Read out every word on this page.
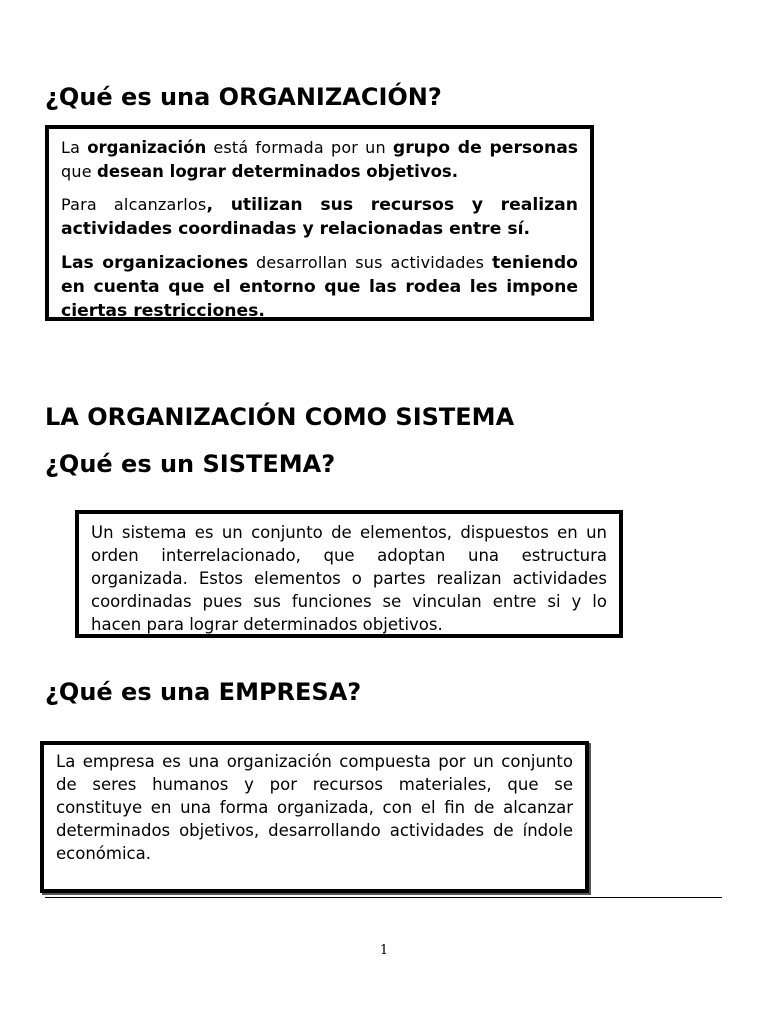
¿Qué es una ORGANIZACIÓN?

La organización está formada por un grupo de personas que desean lograr determinados objetivos.

Para alcanzarlos, utilizan sus recursos y realizan actividades coordinadas y relacionadas entre sí.

Las organizaciones desarrollan sus actividades teniendo en cuenta que el entorno que las rodea les impone ciertas restricciones.

LA ORGANIZACIÓN COMO SISTEMA
¿Qué es un SISTEMA?

Un sistema es un conjunto de elementos, dispuestos en un orden interrelacionado, que adoptan una estructura organizada. Estos elementos o partes realizan actividades coordinadas pues sus funciones se vinculan entre si y lo hacen para lograr determinados objetivos.

¿Qué es una EMPRESA?

La empresa es una organización compuesta por un conjunto de seres humanos y por recursos materiales, que se constituye en una forma organizada, con el fin de alcanzar determinados objetivos, desarrollando actividades de índole económica.

1
